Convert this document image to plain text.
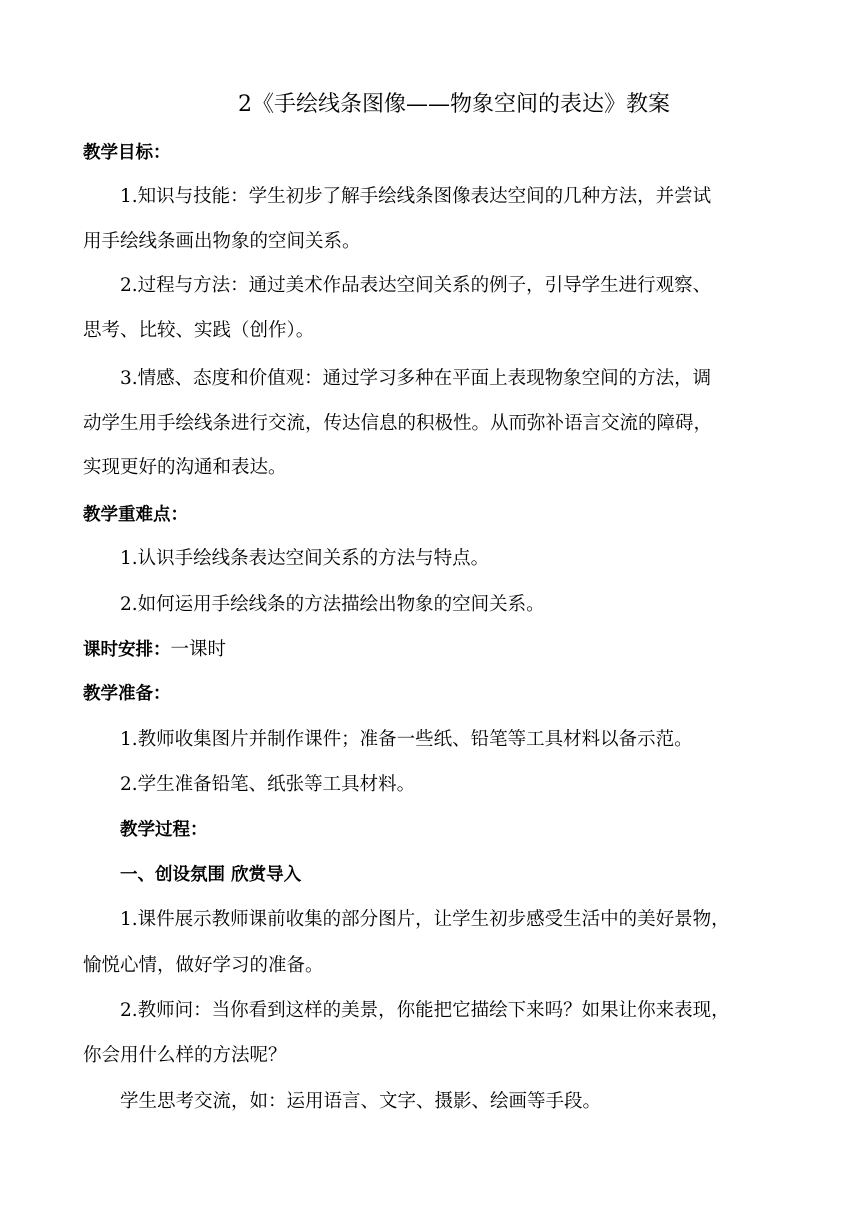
2《手绘线条图像——物象空间的表达》教案
教学目标：
1.知识与技能：学生初步了解手绘线条图像表达空间的几种方法，并尝试
用手绘线条画出物象的空间关系。
2.过程与方法：通过美术作品表达空间关系的例子，引导学生进行观察、
思考、比较、实践（创作）。
3.情感、态度和价值观：通过学习多种在平面上表现物象空间的方法，调
动学生用手绘线条进行交流，传达信息的积极性。从而弥补语言交流的障碍，
实现更好的沟通和表达。
教学重难点：
1.认识手绘线条表达空间关系的方法与特点。
2.如何运用手绘线条的方法描绘出物象的空间关系。
课时安排：一课时
教学准备：
1.教师收集图片并制作课件；准备一些纸、铅笔等工具材料以备示范。
2.学生准备铅笔、纸张等工具材料。
教学过程：
一、创设氛围 欣赏导入
1.课件展示教师课前收集的部分图片，让学生初步感受生活中的美好景物，
愉悦心情，做好学习的准备。
2.教师问：当你看到这样的美景，你能把它描绘下来吗？如果让你来表现，
你会用什么样的方法呢？
学生思考交流，如：运用语言、文字、摄影、绘画等手段。
